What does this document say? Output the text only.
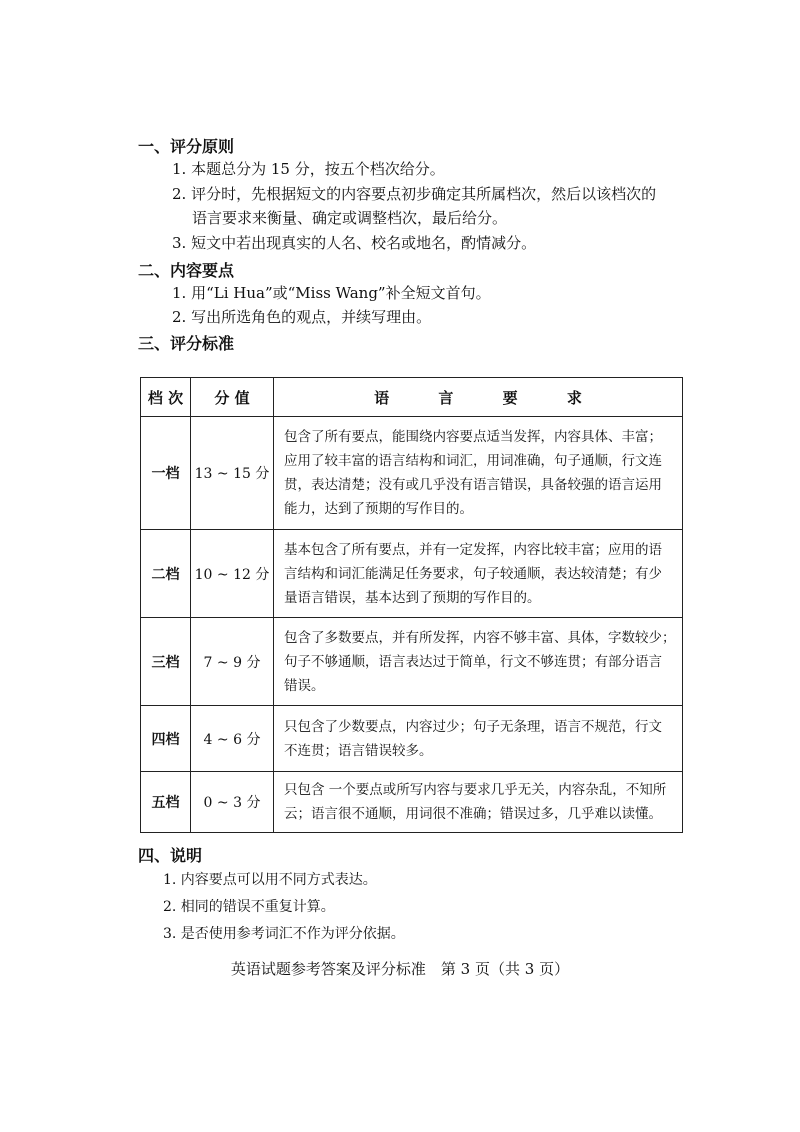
一、评分原则
1. 本题总分为 15 分，按五个档次给分。
2. 评分时，先根据短文的内容要点初步确定其所属档次，然后以该档次的
语言要求来衡量、确定或调整档次，最后给分。
3. 短文中若出现真实的人名、校名或地名，酌情减分。
二、内容要点
1. 用“Li Hua”或“Miss Wang”补全短文首句。
2. 写出所选角色的观点，并续写理由。
三、评分标准
档 次	分 值	语 言 要 求
一档	13 ~ 15 分	包含了所有要点，能围绕内容要点适当发挥，内容具体、丰富；
应用了较丰富的语言结构和词汇，用词准确，句子通顺，行文连
贯，表达清楚；没有或几乎没有语言错误，具备较强的语言运用
能力，达到了预期的写作目的。

二档	10 ~ 12 分	基本包含了所有要点，并有一定发挥，内容比较丰富；应用的语
言结构和词汇能满足任务要求，句子较通顺，表达较清楚；有少
量语言错误，基本达到了预期的写作目的。

三档	7 ~ 9 分	包含了多数要点，并有所发挥，内容不够丰富、具体，字数较少；
句子不够通顺，语言表达过于简单，行文不够连贯；有部分语言
错误。

四档	4 ~ 6 分	只包含了少数要点，内容过少；句子无条理，语言不规范，行文
不连贯；语言错误较多。

五档	0 ~ 3 分	只包含 一个要点或所写内容与要求几乎无关，内容杂乱，不知所
云；语言很不通顺，用词很不准确；错误过多，几乎难以读懂。
四、说明
1. 内容要点可以用不同方式表达。
2. 相同的错误不重复计算。
3. 是否使用参考词汇不作为评分依据。
英语试题参考答案及评分标准　第 3 页（共 3 页）
